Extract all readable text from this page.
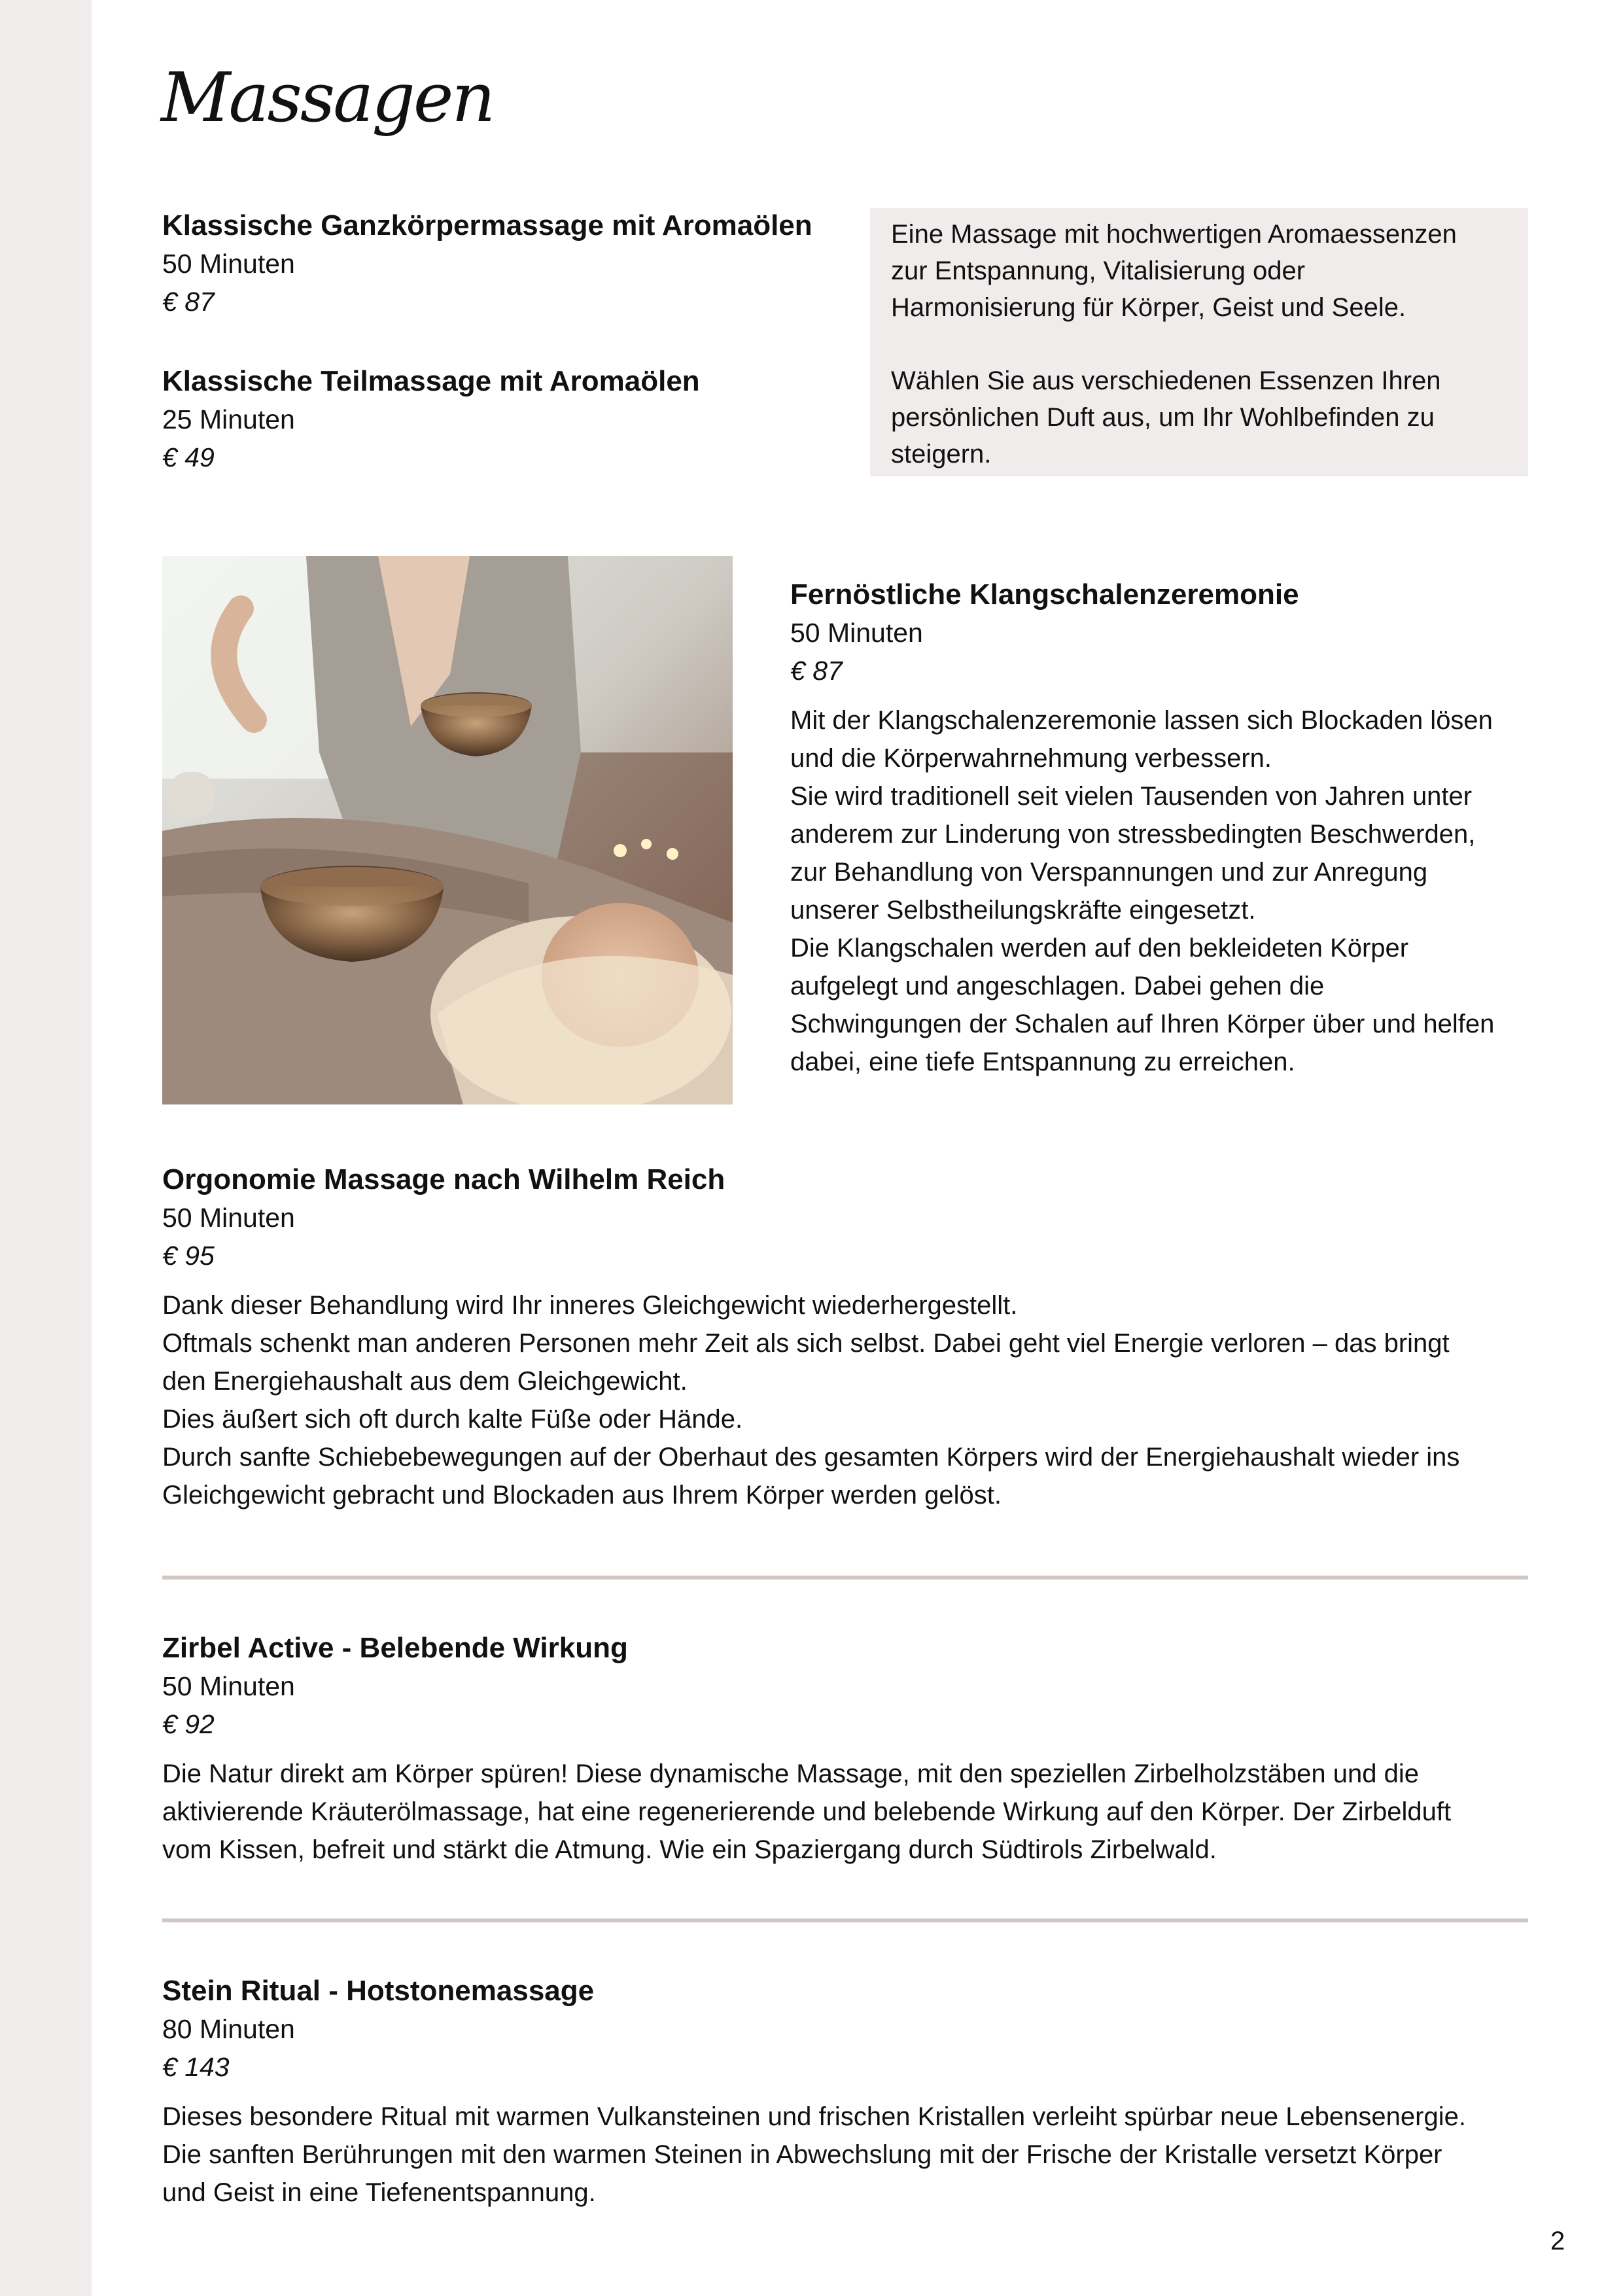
Massagen

Klassische Ganzkörpermassage mit Aromaölen

50 Minuten

€ 87

Klassische Teilmassage mit Aromaölen

25 Minuten

€ 49

Eine Massage mit hochwertigen Aromaessenzen

zur Entspannung, Vitalisierung oder

Harmonisierung für Körper, Geist und Seele.

Wählen Sie aus verschiedenen Essenzen Ihren

persönlichen Duft aus, um Ihr Wohlbefinden zu

steigern.

Fernöstliche Klangschalenzeremonie

50 Minuten

€ 87

Mit der Klangschalenzeremonie lassen sich Blockaden lösen

und die Körperwahrnehmung verbessern.

Sie wird traditionell seit vielen Tausenden von Jahren unter

anderem zur Linderung von stressbedingten Beschwerden,

zur Behandlung von Verspannungen und zur Anregung

unserer Selbstheilungskräfte eingesetzt.

Die Klangschalen werden auf den bekleideten Körper

aufgelegt und angeschlagen. Dabei gehen die

Schwingungen der Schalen auf Ihren Körper über und helfen

dabei, eine tiefe Entspannung zu erreichen.

Orgonomie Massage nach Wilhelm Reich

50 Minuten

€ 95

Dank dieser Behandlung wird Ihr inneres Gleichgewicht wiederhergestellt.

Oftmals schenkt man anderen Personen mehr Zeit als sich selbst. Dabei geht viel Energie verloren – das bringt

den Energiehaushalt aus dem Gleichgewicht.

Dies äußert sich oft durch kalte Füße oder Hände.

Durch sanfte Schiebebewegungen auf der Oberhaut des gesamten Körpers wird der Energiehaushalt wieder ins

Gleichgewicht gebracht und Blockaden aus Ihrem Körper werden gelöst.

Zirbel Active - Belebende Wirkung

50 Minuten

€ 92

Die Natur direkt am Körper spüren! Diese dynamische Massage, mit den speziellen Zirbelholzstäben und die

aktivierende Kräuterölmassage, hat eine regenerierende und belebende Wirkung auf den Körper. Der Zirbelduft

vom Kissen, befreit und stärkt die Atmung. Wie ein Spaziergang durch Südtirols Zirbelwald.

Stein Ritual - Hotstonemassage

80 Minuten

€ 143

Dieses besondere Ritual mit warmen Vulkansteinen und frischen Kristallen verleiht spürbar neue Lebensenergie.

Die sanften Berührungen mit den warmen Steinen in Abwechslung mit der Frische der Kristalle versetzt Körper

und Geist in eine Tiefenentspannung.

2
